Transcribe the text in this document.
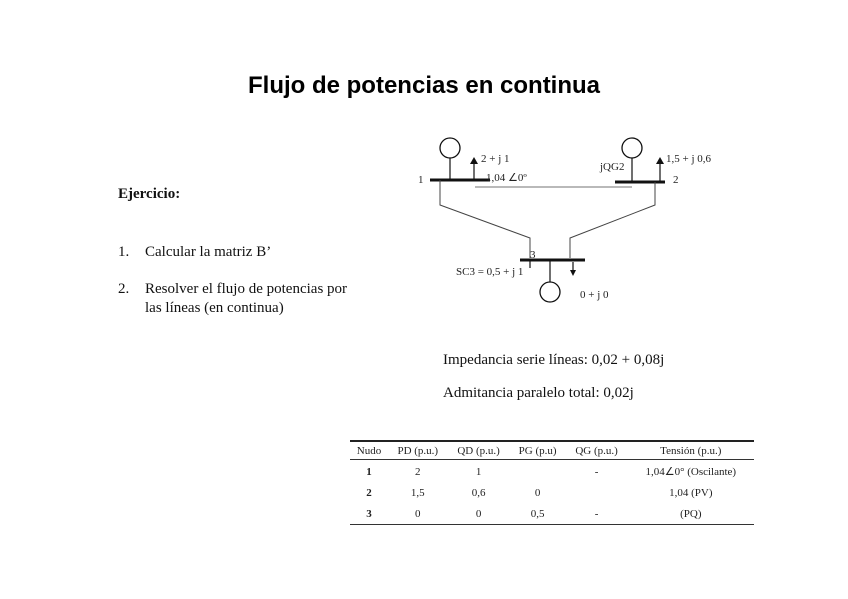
Flujo de potencias en continua
Ejercicio:
1.	Calcular la matriz B’
2.	Resolver el flujo de potencias por las líneas (en continua)
1
2 + j 1
1,04 ∠0º	2
jQG2
1,5 + j 0,6
3
SC3 = 0,5 + j 1
0 + j 0
Impedancia serie líneas: 0,02 + 0,08j
Admitancia paralelo total: 0,02j
Nudo	PD (p.u.)	QD (p.u.)	PG (p.u)	QG (p.u.)	Tensión (p.u.)
1	2	1		-	1,04∠0° (Oscilante)
2	1,5	0,6	0		1,04 (PV)
3	0	0	0,5	-	(PQ)
